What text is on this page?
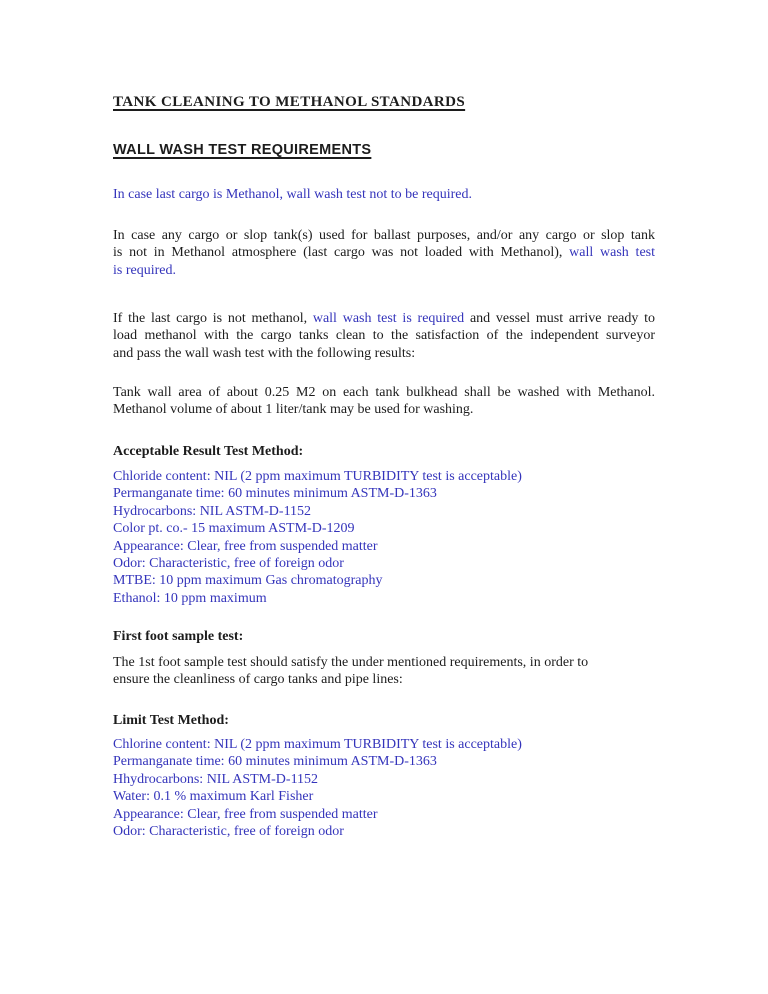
TANK CLEANING TO METHANOL STANDARDS
WALL WASH TEST REQUIREMENTS
In case last cargo is Methanol, wall wash test not to be required.
In case any cargo or slop tank(s) used for ballast purposes, and/or any cargo or slop tank
is not in Methanol atmosphere (last cargo was not loaded with Methanol), wall wash test
is required.
If the last cargo is not methanol, wall wash test is required and vessel must arrive ready to
load methanol with the cargo tanks clean to the satisfaction of the independent surveyor
and pass the wall wash test with the following results:
Tank wall area of about 0.25 M2 on each tank bulkhead shall be washed with Methanol.
Methanol volume of about 1 liter/tank may be used for washing.
Acceptable Result Test Method:
Chloride content: NIL (2 ppm maximum TURBIDITY test is acceptable)
Permanganate time: 60 minutes minimum ASTM-D-1363
Hydrocarbons: NIL ASTM-D-1152
Color pt. co.- 15 maximum ASTM-D-1209
Appearance: Clear, free from suspended matter
Odor: Characteristic, free of foreign odor
MTBE: 10 ppm maximum Gas chromatography
Ethanol: 10 ppm maximum
First foot sample test:
The 1st foot sample test should satisfy the under mentioned requirements, in order to
ensure the cleanliness of cargo tanks and pipe lines:
Limit Test Method:
Chlorine content: NIL (2 ppm maximum TURBIDITY test is acceptable)
Permanganate time: 60 minutes minimum ASTM-D-1363
Hhydrocarbons: NIL ASTM-D-1152
Water: 0.1 % maximum Karl Fisher
Appearance: Clear, free from suspended matter
Odor: Characteristic, free of foreign odor
